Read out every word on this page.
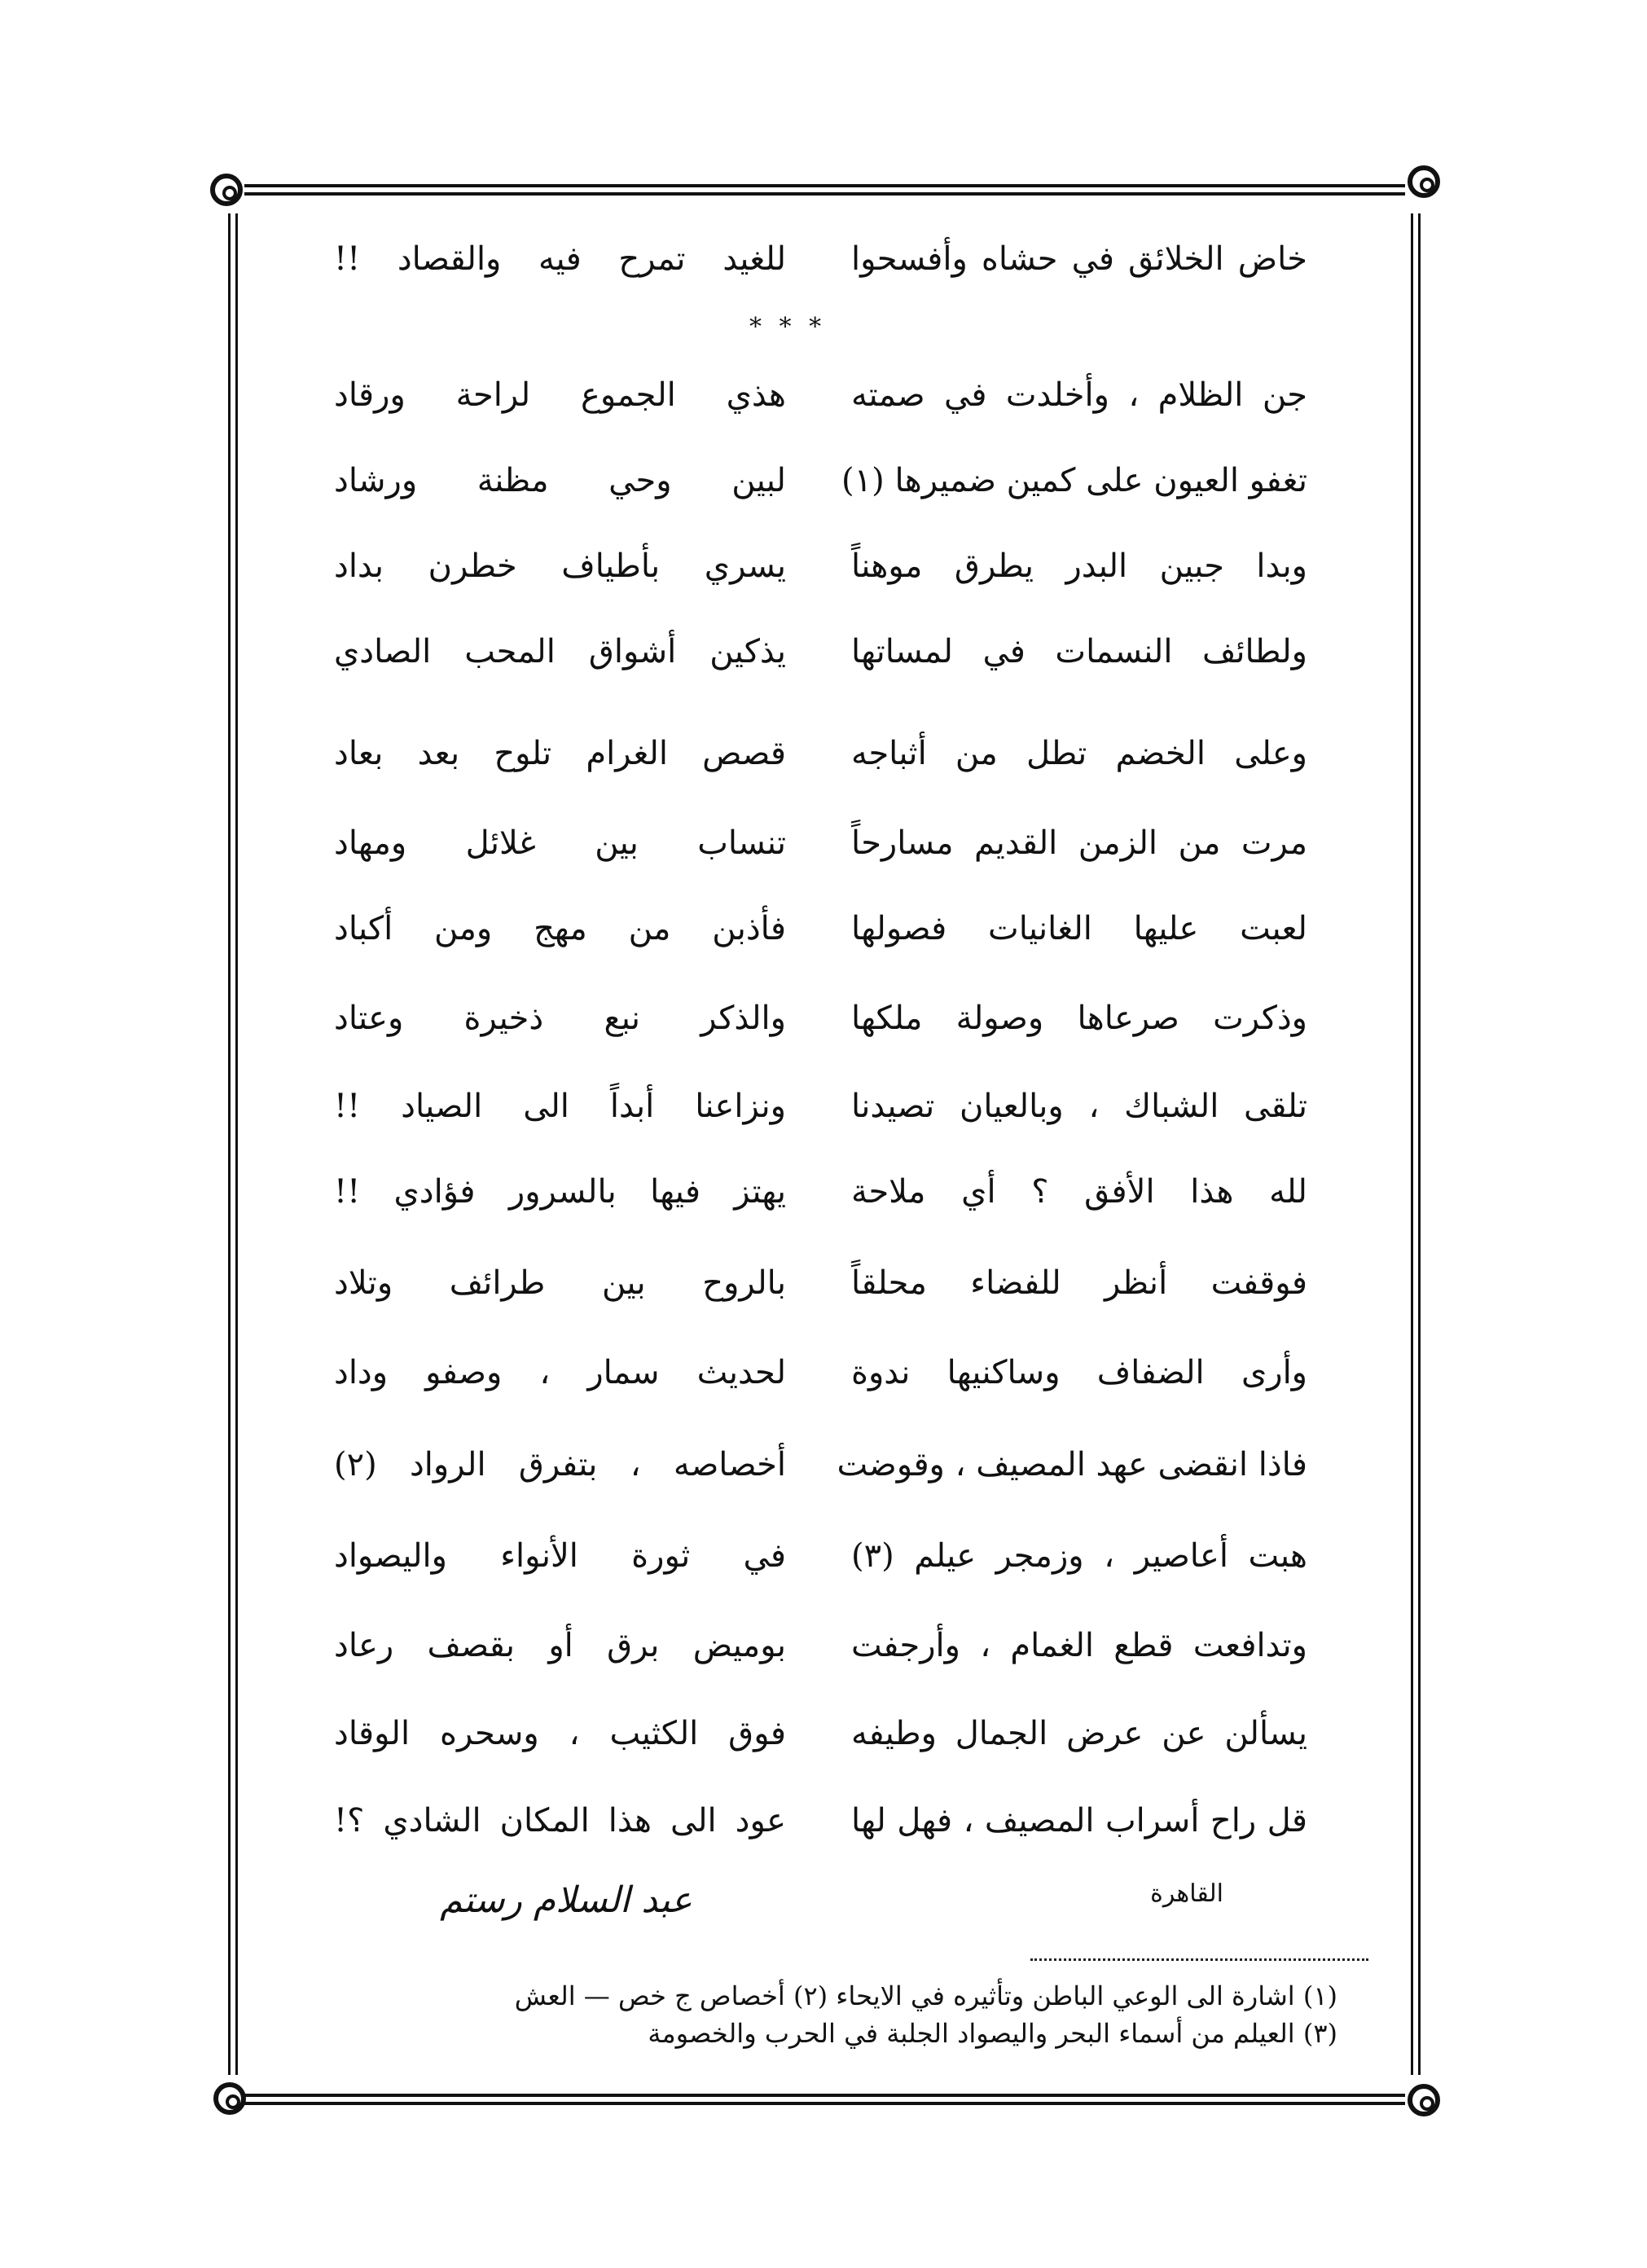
خاض الخلائق في حشاه وأفسحوا
للغيد تمرح فيه والقصاد !!
* * *
جن الظلام ، وأخلدت في صمته
هذي الجموع لراحة ورقاد
تغفو العيون على كمين ضميرها (١)
لبين وحي مظنة ورشاد
وبدا جبين البدر يطرق موهناً
يسري بأطياف خطرن بداد
ولطائف النسمات في لمساتها
يذكين أشواق المحب الصادي
وعلى الخضم تطل من أثباجه
قصص الغرام تلوح بعد بعاد
مرت من الزمن القديم مسارحاً
تنساب بين غلائل ومهاد
لعبت عليها الغانيات فصولها
فأذبن من مهج ومن أكباد
وذكرت صرعاها وصولة ملكها
والذكر نبع ذخيرة وعتاد
تلقى الشباك ، وبالعيان تصيدنا
ونزاعنا أبداً الى الصياد !!
لله هذا الأفق ؟ أي ملاحة
يهتز فيها بالسرور فؤادي !!
فوقفت أنظر للفضاء محلقاً
بالروح بين طرائف وتلاد
وأرى الضفاف وساكنيها ندوة
لحديث سمار ، وصفو وداد
فاذا انقضى عهد المصيف ، وقوضت
أخصاصه ، بتفرق الرواد (٢)
هبت أعاصير ، وزمجر عيلم (٣)
في ثورة الأنواء واليصواد
وتدافعت قطع الغمام ، وأرجفت
بوميض برق أو بقصف رعاد
يسألن عن عرض الجمال وطيفه
فوق الكثيب ، وسحره الوقاد
قل راح أسراب المصيف ، فهل لها
عود الى هذا المكان الشادي ؟!
القاهرة
عبد السلام رستم
(١) اشارة الى الوعي الباطن وتأثيره في الايحاء (٢) أخصاص ج خص — العش
(٣) العيلم من أسماء البحر واليصواد الجلبة في الحرب والخصومة
